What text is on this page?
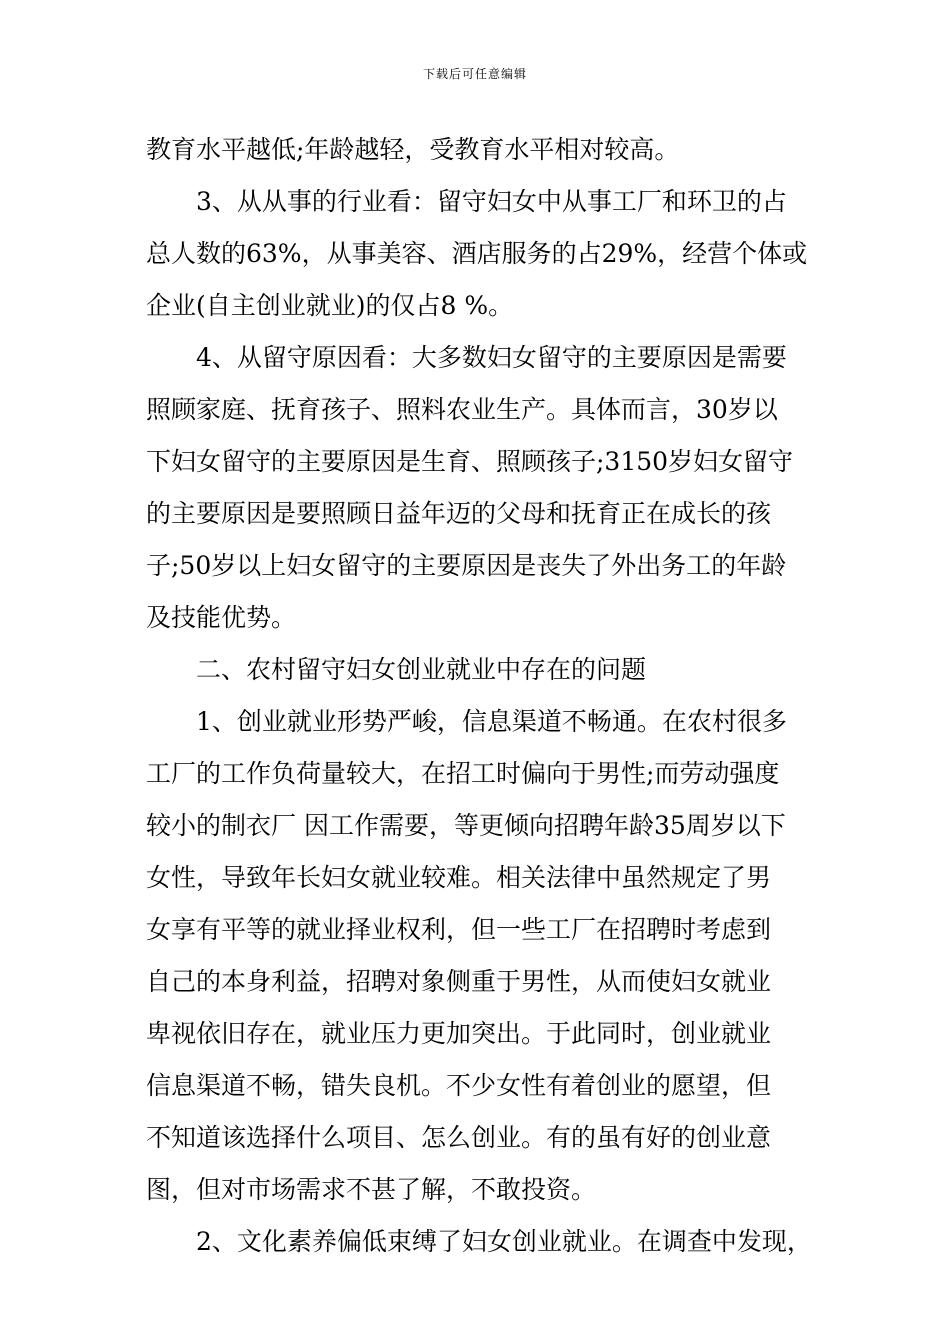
下载后可任意编辑
教育水平越低;年龄越轻，受教育水平相对较高。
3、从从事的行业看：留守妇女中从事工厂和环卫的占
总人数的63%，从事美容、酒店服务的占29%，经营个体或
企业(自主创业就业)的仅占8 %。
4、从留守原因看：大多数妇女留守的主要原因是需要
照顾家庭、抚育孩子、照料农业生产。具体而言，30岁以
下妇女留守的主要原因是生育、照顾孩子;3150岁妇女留守
的主要原因是要照顾日益年迈的父母和抚育正在成长的孩
子;50岁以上妇女留守的主要原因是丧失了外出务工的年龄
及技能优势。
二、农村留守妇女创业就业中存在的问题
1、创业就业形势严峻，信息渠道不畅通。在农村很多
工厂的工作负荷量较大，在招工时偏向于男性;而劳动强度
较小的制衣厂 因工作需要，等更倾向招聘年龄35周岁以下
女性，导致年长妇女就业较难。相关法律中虽然规定了男
女享有平等的就业择业权利，但一些工厂在招聘时考虑到
自己的本身利益，招聘对象侧重于男性，从而使妇女就业
卑视依旧存在，就业压力更加突出。于此同时，创业就业
信息渠道不畅，错失良机。不少女性有着创业的愿望，但
不知道该选择什么项目、怎么创业。有的虽有好的创业意
图，但对市场需求不甚了解，不敢投资。
2、文化素养偏低束缚了妇女创业就业。在调查中发现，
